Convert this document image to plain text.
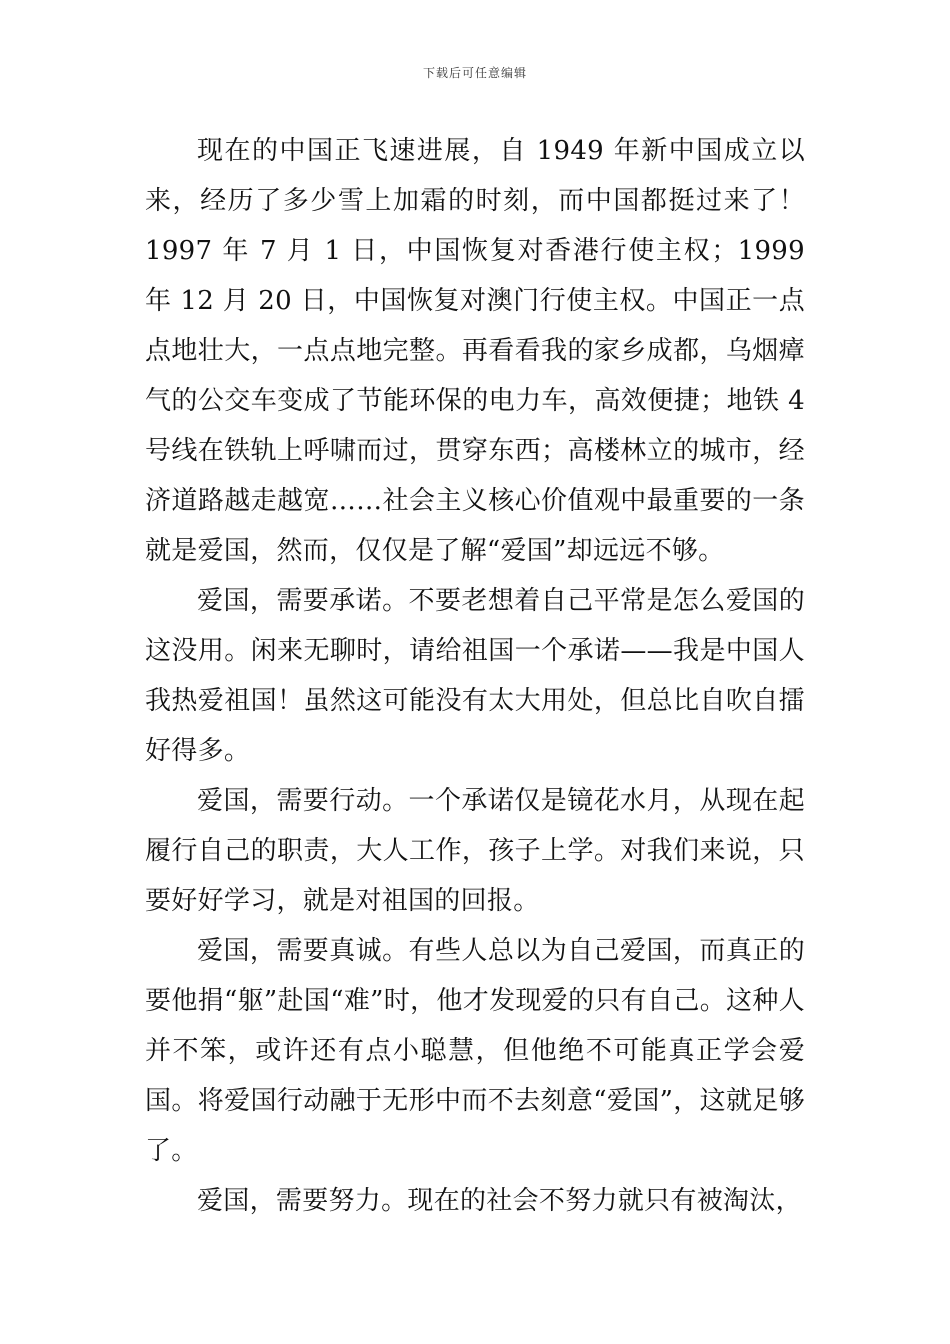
下载后可任意编辑

现在的中国正飞速进展，自 1949 年新中国成立以来，经历了多少雪上加霜的时刻，而中国都挺过来了！1997 年 7 月 1 日，中国恢复对香港行使主权；1999 年 12 月 20 日，中国恢复对澳门行使主权。中国正一点点地壮大，一点点地完整。再看看我的家乡成都，乌烟瘴气的公交车变成了节能环保的电力车，高效便捷；地铁 4 号线在铁轨上呼啸而过，贯穿东西；高楼林立的城市，经济道路越走越宽……社会主义核心价值观中最重要的一条就是爱国，然而，仅仅是了解“爱国”却远远不够。

爱国，需要承诺。不要老想着自己平常是怎么爱国的这没用。闲来无聊时，请给祖国一个承诺——我是中国人我热爱祖国！虽然这可能没有太大用处，但总比自吹自擂好得多。

爱国，需要行动。一个承诺仅是镜花水月，从现在起履行自己的职责，大人工作，孩子上学。对我们来说，只要好好学习，就是对祖国的回报。

爱国，需要真诚。有些人总以为自己爱国，而真正的要他捐“躯”赴国“难”时，他才发现爱的只有自己。这种人并不笨，或许还有点小聪慧，但他绝不可能真正学会爱国。将爱国行动融于无形中而不去刻意“爱国”，这就足够了。

爱国，需要努力。现在的社会不努力就只有被淘汰，
